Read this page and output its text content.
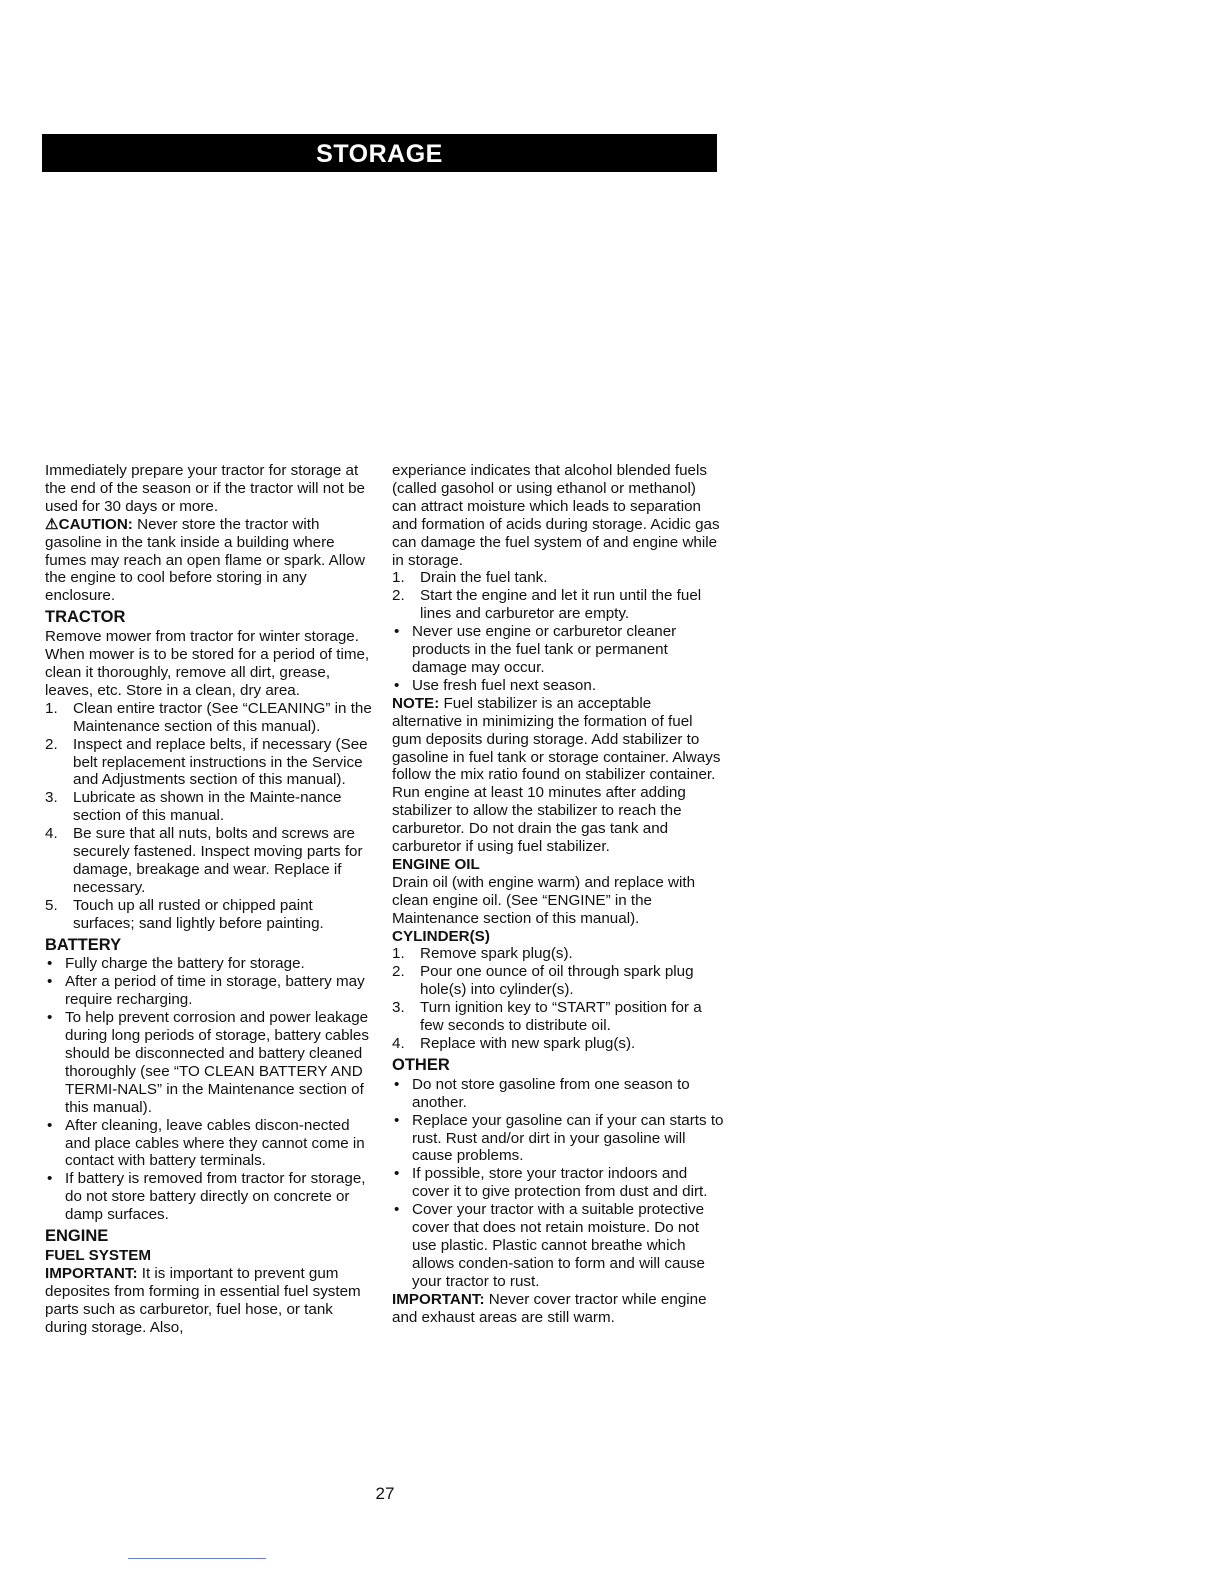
STORAGE

Immediately prepare your tractor for storage at the end of the season or if the tractor will not be used for 30 days or more.

⚠CAUTION: Never store the tractor with gasoline in the tank inside a building where fumes may reach an open flame or spark. Allow the engine to cool before storing in any enclosure.

TRACTOR

Remove mower from tractor for winter storage. When mower is to be stored for a period of time, clean it thoroughly, remove all dirt, grease, leaves, etc. Store in a clean, dry area.

1. Clean entire tractor (See “CLEANING” in the Maintenance section of this manual).
2. Inspect and replace belts, if necessary (See belt replacement instructions in the Service and Adjustments section of this manual).
3. Lubricate as shown in the Mainte-nance section of this manual.
4. Be sure that all nuts, bolts and screws are securely fastened. Inspect moving parts for damage, breakage and wear. Replace if necessary.
5. Touch up all rusted or chipped paint surfaces; sand lightly before painting.
BATTERY
• Fully charge the battery for storage.
• After a period of time in storage, battery may require recharging.
• To help prevent corrosion and power leakage during long periods of storage, battery cables should be disconnected and battery cleaned thoroughly (see “TO CLEAN BATTERY AND TERMI-NALS” in the Maintenance section of this manual).
• After cleaning, leave cables discon-nected and place cables where they cannot come in contact with battery terminals.
• If battery is removed from tractor for storage, do not store battery directly on concrete or damp surfaces.
ENGINE
FUEL SYSTEM

IMPORTANT: It is important to prevent gum deposites from forming in essential fuel system parts such as carburetor, fuel hose, or tank during storage. Also,

experiance indicates that alcohol blended fuels (called gasohol or using ethanol or methanol) can attract moisture which leads to separation and formation of acids during storage. Acidic gas can damage the fuel system of and engine while in storage.

1. Drain the fuel tank.
2. Start the engine and let it run until the fuel lines and carburetor are empty.
• Never use engine or carburetor cleaner products in the fuel tank or permanent damage may occur.
• Use fresh fuel next season.

NOTE: Fuel stabilizer is an acceptable alternative in minimizing the formation of fuel gum deposits during storage. Add stabilizer to gasoline in fuel tank or storage container. Always follow the mix ratio found on stabilizer container. Run engine at least 10 minutes after adding stabilizer to allow the stabilizer to reach the carburetor. Do not drain the gas tank and carburetor if using fuel stabilizer.

ENGINE OIL

Drain oil (with engine warm) and replace with clean engine oil. (See “ENGINE” in the Maintenance section of this manual).

CYLINDER(S)
1. Remove spark plug(s).
2. Pour one ounce of oil through spark plug hole(s) into cylinder(s).
3. Turn ignition key to “START” position for a few seconds to distribute oil.
4. Replace with new spark plug(s).
OTHER
• Do not store gasoline from one season to another.
• Replace your gasoline can if your can starts to rust. Rust and/or dirt in your gasoline will cause problems.
• If possible, store your tractor indoors and cover it to give protection from dust and dirt.
• Cover your tractor with a suitable protective cover that does not retain moisture. Do not use plastic. Plastic cannot breathe which allows conden-sation to form and will cause your tractor to rust.

IMPORTANT: Never cover tractor while engine and exhaust areas are still warm.

27
